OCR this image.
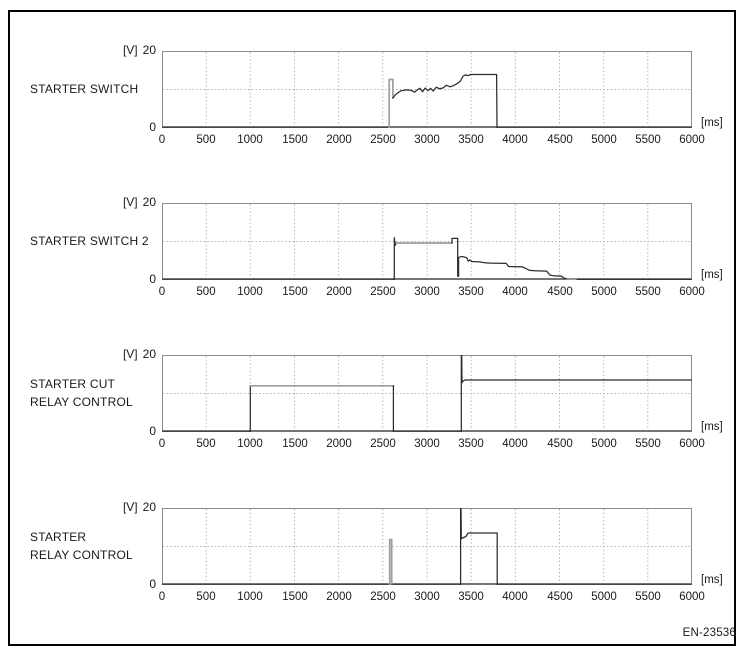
STARTER SWITCH
[V] 20
0
0	500	1000	1500	2000	2500	3000	3500	4000	4500	5000	5500	6000
[ms]
STARTER SWITCH 2
[V] 20
0
0	500	1000	1500	2000	2500	3000	3500	4000	4500	5000	5500	6000
[ms]
STARTER CUT
RELAY CONTROL
[V] 20
0
0	500	1000	1500	2000	2500	3000	3500	4000	4500	5000	5500	6000
[ms]
STARTER
RELAY CONTROL
[V] 20
0
0	500	1000	1500	2000	2500	3000	3500	4000	4500	5000	5500	6000
[ms]
EN-23536
